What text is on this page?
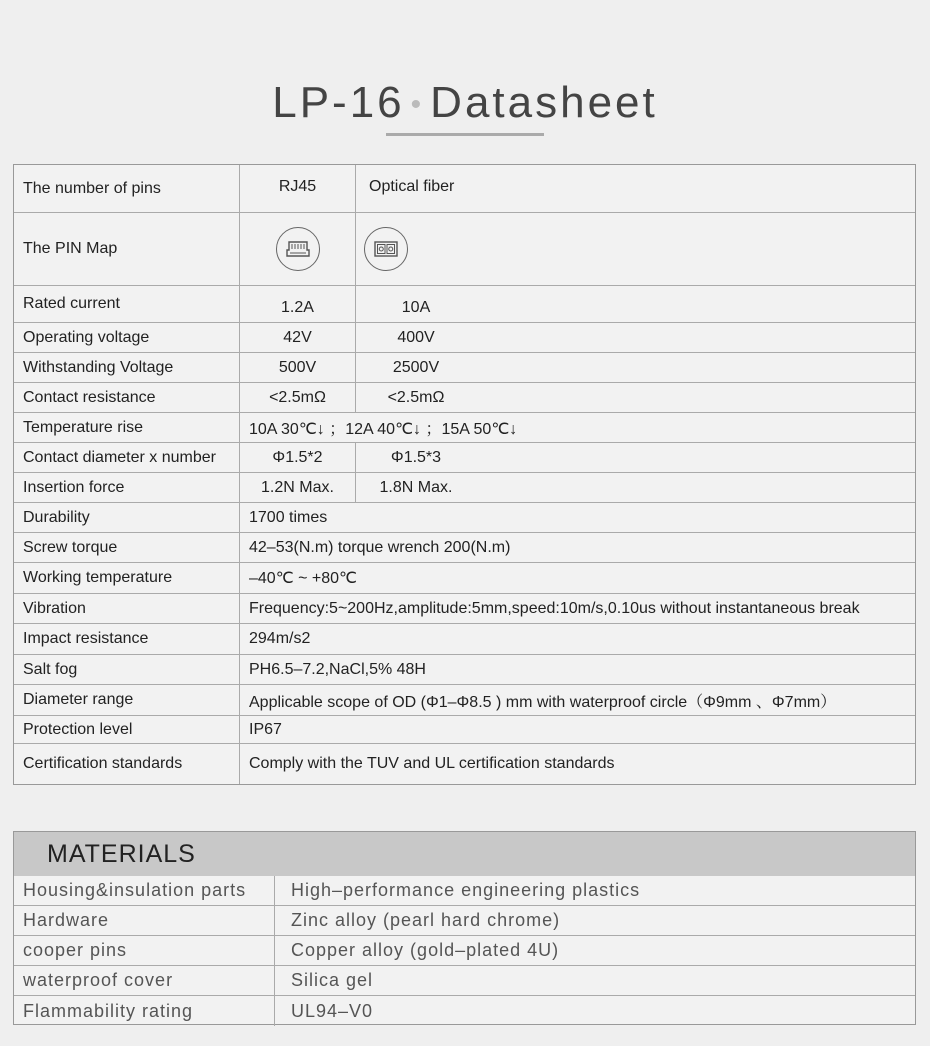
LP-16 • Datasheet
The number of pins	RJ45	Optical fiber
The PIN Map
Rated current	1.2A	10A
Operating voltage	42V	400V
Withstanding Voltage	500V	2500V
Contact resistance	<2.5mΩ	<2.5mΩ
Temperature rise	10A 30℃↓ ；12A 40℃↓ ；15A 50℃↓
Contact diameter x number	Φ1.5*2	Φ1.5*3
Insertion force	1.2N Max.	1.8N Max.
Durability	1700 times
Screw torque	42–53(N.m) torque wrench 200(N.m)
Working temperature	–40℃ ~ +80℃
Vibration	Frequency:5~200Hz,amplitude:5mm,speed:10m/s,0.10us without instantaneous break
Impact resistance	294m/s2
Salt fog	PH6.5–7.2,NaCl,5% 48H
Diameter range	Applicable scope of OD (Φ1–Φ8.5 ) mm with waterproof circle（Φ9mm 、Φ7mm）
Protection level	IP67
Certification standards	Comply with the TUV and UL certification standards
MATERIALS
Housing&insulation parts	High–performance engineering plastics
Hardware	Zinc alloy (pearl hard chrome)
cooper pins	Copper alloy (gold–plated 4U)
waterproof cover	Silica gel
Flammability rating	UL94–V0
